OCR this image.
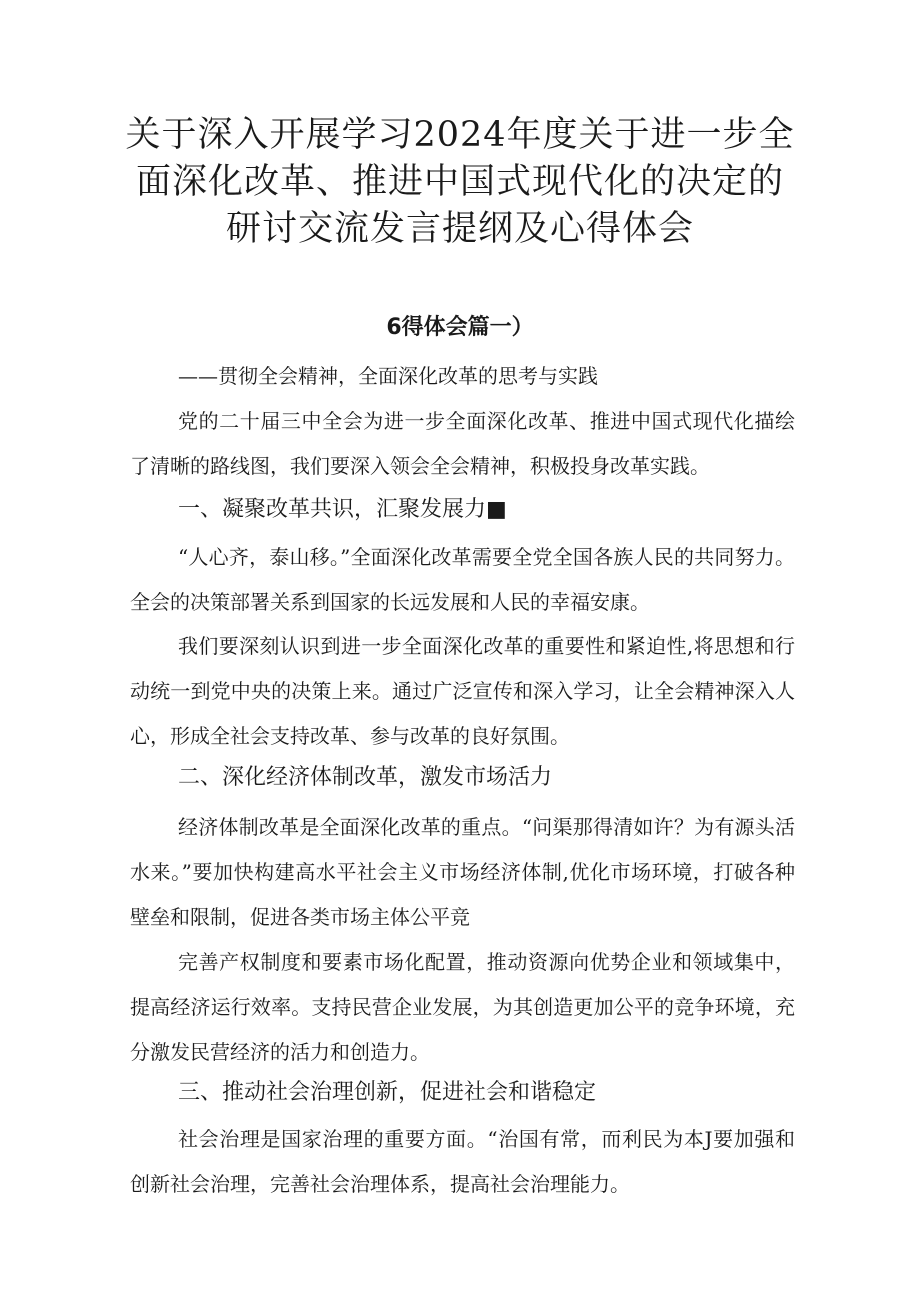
关于深入开展学习2024年度关于进一步全面深化改革、推进中国式现代化的决定的研讨交流发言提纲及心得体会
6得体会篇一）

——贯彻全会精神，全面深化改革的思考与实践

党的二十届三中全会为进一步全面深化改革、推进中国式现代化描绘了清晰的路线图，我们要深入领会全会精神，积极投身改革实践。

一、凝聚改革共识，汇聚发展力■

“人心齐，泰山移。”全面深化改革需要全党全国各族人民的共同努力。全会的决策部署关系到国家的长远发展和人民的幸福安康。

我们要深刻认识到进一步全面深化改革的重要性和紧迫性,将思想和行动统一到党中央的决策上来。通过广泛宣传和深入学习，让全会精神深入人心，形成全社会支持改革、参与改革的良好氛围。

二、深化经济体制改革，激发市场活力

经济体制改革是全面深化改革的重点。“问渠那得清如许？为有源头活水来。”要加快构建高水平社会主义市场经济体制,优化市场环境，打破各种壁垒和限制，促进各类市场主体公平竞

完善产权制度和要素市场化配置，推动资源向优势企业和领域集中，提高经济运行效率。支持民营企业发展，为其创造更加公平的竞争环境，充分激发民营经济的活力和创造力。

三、推动社会治理创新，促进社会和谐稳定

社会治理是国家治理的重要方面。“治国有常，而利民为本J要加强和创新社会治理，完善社会治理体系，提高社会治理能力。
